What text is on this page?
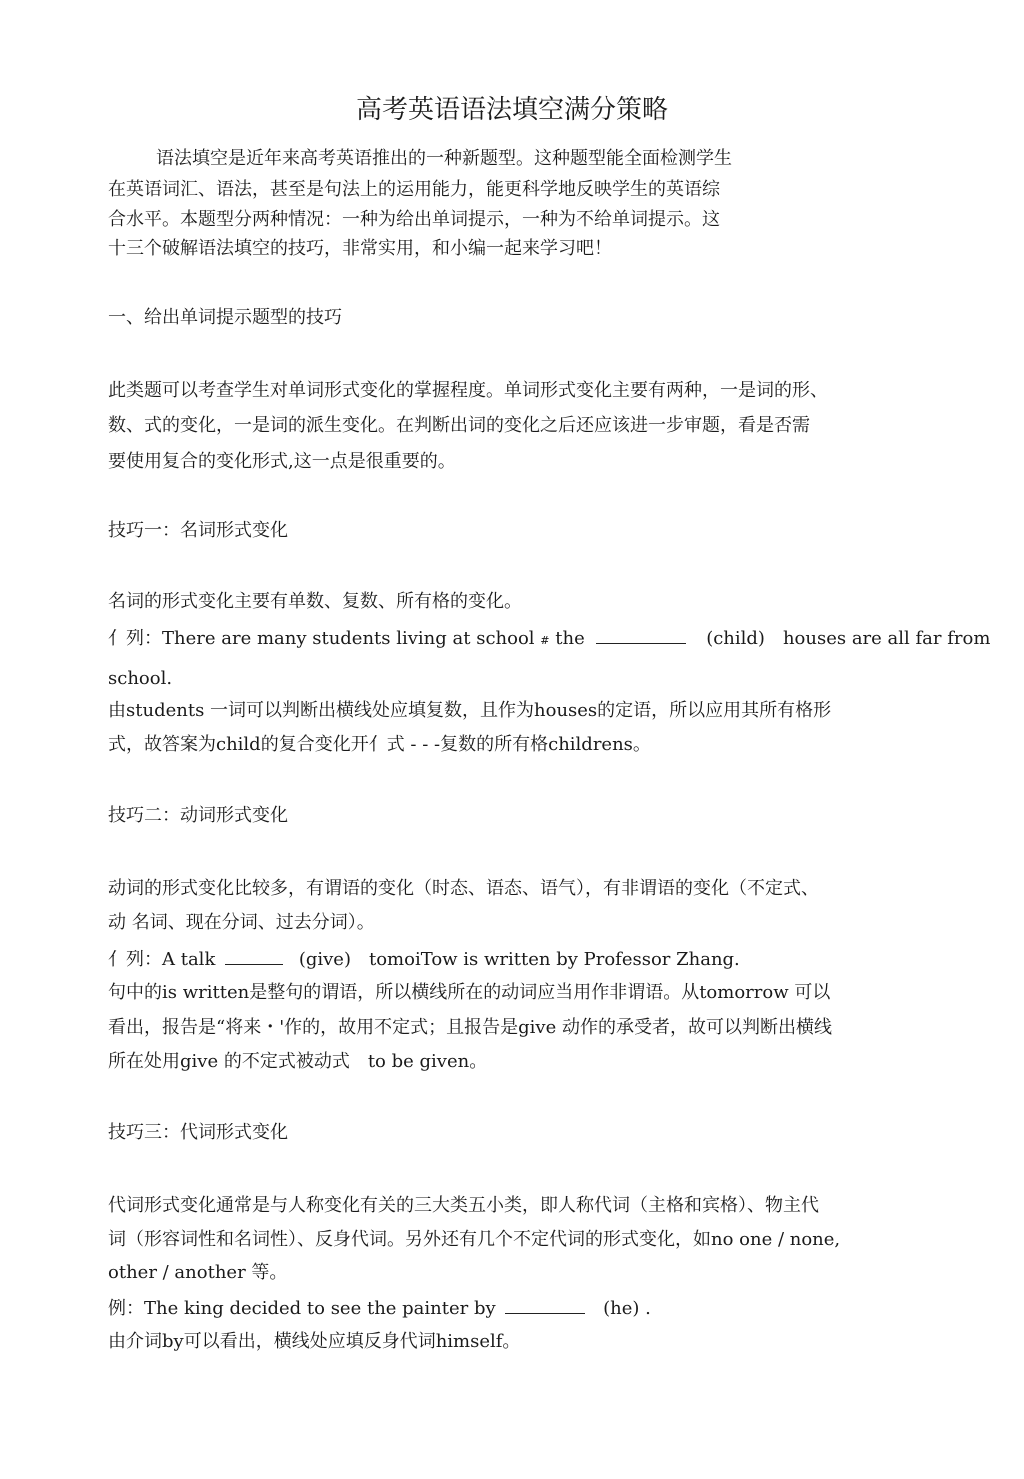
高考英语语法填空满分策略
语法填空是近年来高考英语推出的一种新题型。这种题型能全面检测学生
在英语词汇、语法，甚至是句法上的运用能力，能更科学地反映学生的英语综
合水平。本题型分两种情况：一种为给出单词提示，一种为不给单词提示。这
十三个破解语法填空的技巧，非常实用，和小编一起来学习吧！
一、给出单词提示题型的技巧
此类题可以考查学生对单词形式变化的掌握程度。单词形式变化主要有两种，一是词的形、
数、式的变化，一是词的派生变化。在判断出词的变化之后还应该进一步审题，看是否需
要使用复合的变化形式,这一点是很重要的。
技巧一：名词形式变化
名词的形式变化主要有单数、复数、所有格的变化。
亻列：There are many students living at school # the	(child)　houses are all far from
school.
由students 一词可以判断出横线处应填复数，且作为houses的定语，所以应用其所有格形
式，故答案为child的复合变化开亻式 - - -复数的所有格childrens。
技巧二：动词形式变化
动词的形式变化比较多，有谓语的变化（时态、语态、语气），有非谓语的变化（不定式、
动 名词、现在分词、过去分词）。
亻列：A talk	(give)　tomoiTow is written by Professor Zhang.
句中的is written是整句的谓语，所以横线所在的动词应当用作非谓语。从tomorrow 可以
看出，报告是“将来・'作的，故用不定式；且报告是give 动作的承受者，故可以判断出横线
所在处用give 的不定式被动式　to be given。
技巧三：代词形式变化
代词形式变化通常是与人称变化有关的三大类五小类，即人称代词（主格和宾格）、物主代
词（形容词性和名词性）、反身代词。另外还有几个不定代词的形式变化，如no one / none,
other / another 等。
例：The king decided to see the painter by	(he) .
由介词by可以看出，横线处应填反身代词himself。
